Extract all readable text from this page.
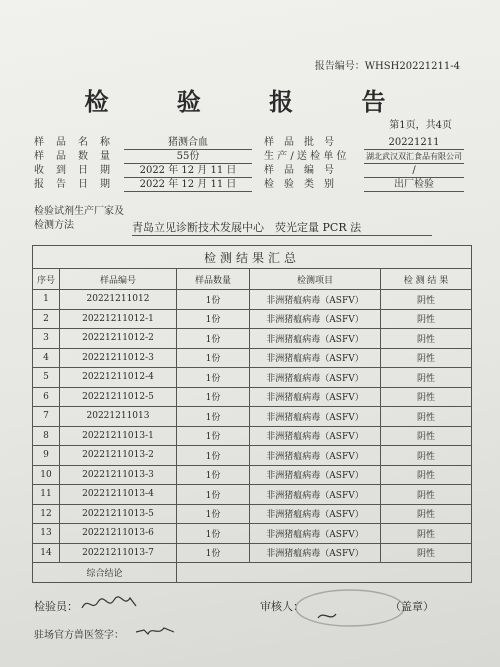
报告编号：WHSH20221211-4
检 验 报 告
第1页，共4页
样　品　名　称	猪测合血	样　品　批　号	20221211
样　品　数　量	55份	生 产 / 送 检 单 位	湖北武汉双汇食品有限公司
收　到　日　期	2022 年 12 月 11 日	样　品　编　号	/
报　告　日　期	2022 年 12 月 11 日	检　验　类　别	出厂检验
检验试剂生产厂家及
检测方法	青岛立见诊断技术发展中心　荧光定量 PCR 法
检测结果汇总				
序号	样品编号	样品数量	检测项目	检 测 结 果
1	20221211012	1份	非洲猪瘟病毒（ASFV）	阴性
2	20221211012-1	1份	非洲猪瘟病毒（ASFV）	阴性
3	20221211012-2	1份	非洲猪瘟病毒（ASFV）	阴性
4	20221211012-3	1份	非洲猪瘟病毒（ASFV）	阴性
5	20221211012-4	1份	非洲猪瘟病毒（ASFV）	阴性
6	20221211012-5	1份	非洲猪瘟病毒（ASFV）	阴性
7	20221211013	1份	非洲猪瘟病毒（ASFV）	阴性
8	20221211013-1	1份	非洲猪瘟病毒（ASFV）	阴性
9	20221211013-2	1份	非洲猪瘟病毒（ASFV）	阴性
10	20221211013-3	1份	非洲猪瘟病毒（ASFV）	阴性
11	20221211013-4	1份	非洲猪瘟病毒（ASFV）	阴性
12	20221211013-5	1份	非洲猪瘟病毒（ASFV）	阴性
13	20221211013-6	1份	非洲猪瘟病毒（ASFV）	阴性
14	20221211013-7	1份	非洲猪瘟病毒（ASFV）	阴性
综合结论				
检验员：	审核人：	（盖章）
驻场官方兽医签字：
